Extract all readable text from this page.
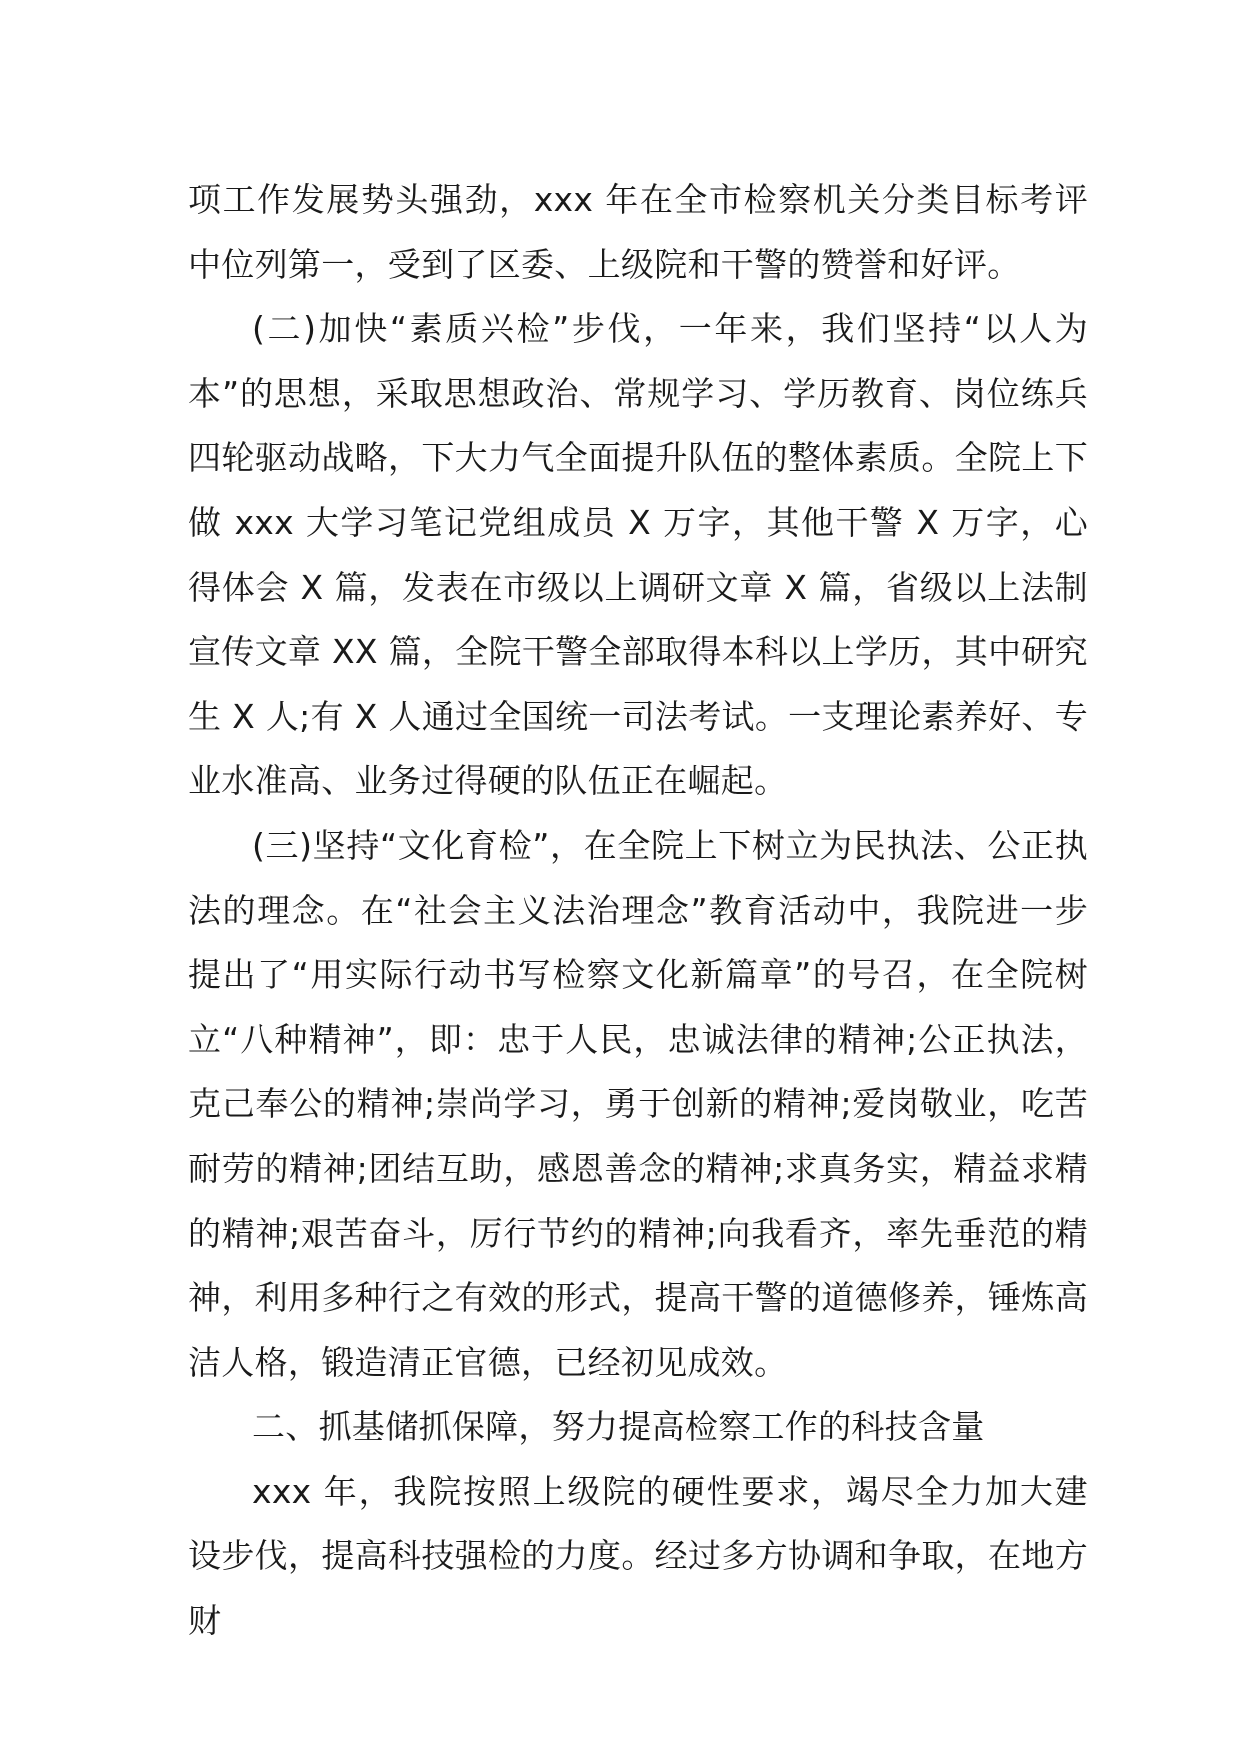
项工作发展势头强劲，xxx 年在全市检察机关分类目标考评中位列第一，受到了区委、上级院和干警的赞誉和好评。

(二)加快“素质兴检”步伐，一年来，我们坚持“以人为本”的思想，采取思想政治、常规学习、学历教育、岗位练兵四轮驱动战略，下大力气全面提升队伍的整体素质。全院上下做 xxx 大学习笔记党组成员 X 万字，其他干警 X 万字，心得体会 X 篇，发表在市级以上调研文章 X 篇，省级以上法制宣传文章 XX 篇，全院干警全部取得本科以上学历，其中研究生 X 人;有 X 人通过全国统一司法考试。一支理论素养好、专业水准高、业务过得硬的队伍正在崛起。

(三)坚持“文化育检”，在全院上下树立为民执法、公正执法的理念。在“社会主义法治理念”教育活动中，我院进一步提出了“用实际行动书写检察文化新篇章”的号召，在全院树立“八种精神”，即：忠于人民，忠诚法律的精神;公正执法，克己奉公的精神;崇尚学习，勇于创新的精神;爱岗敬业，吃苦耐劳的精神;团结互助，感恩善念的精神;求真务实，精益求精的精神;艰苦奋斗，厉行节约的精神;向我看齐，率先垂范的精神，利用多种行之有效的形式，提高干警的道德修养，锤炼高洁人格，锻造清正官德，已经初见成效。

二、抓基储抓保障，努力提高检察工作的科技含量

xxx 年，我院按照上级院的硬性要求，竭尽全力加大建设步伐，提高科技强检的力度。经过多方协调和争取，在地方财
